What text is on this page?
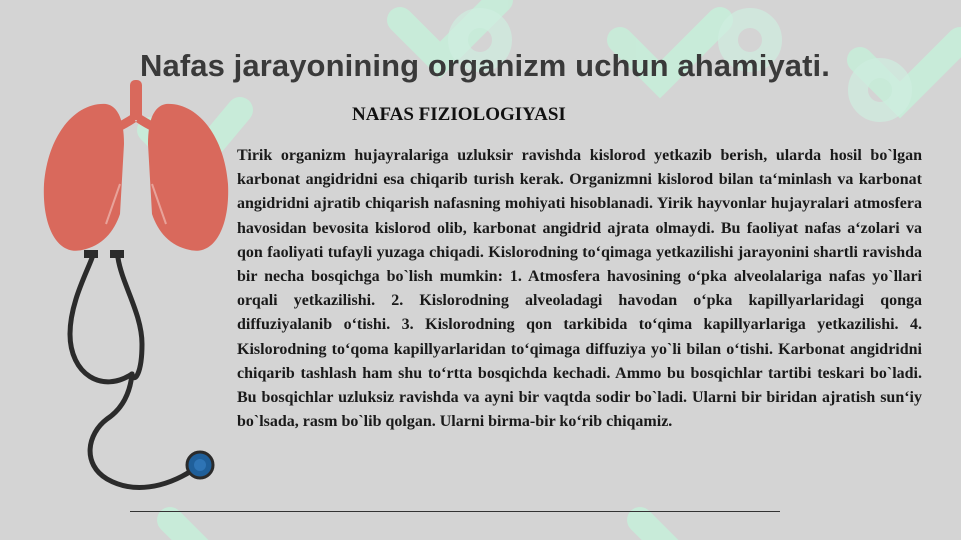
Nafas jarayonining organizm uchun ahamiyati.
NAFAS FIZIOLOGIYASI

Tirik organizm hujayralariga uzluksir ravishda kislorod yetkazib berish, ularda hosil bo`lgan karbonat angidridni esa chiqarib turish kerak. Organizmni kislorod bilan ta‘minlash va karbonat angidridni ajratib chiqarish nafasning mohiyati hisoblanadi. Yirik hayvonlar hujayralari atmosfera havosidan bevosita kislorod olib, karbonat angidrid ajrata olmaydi. Bu faoliyat nafas a‘zolari va qon faoliyati tufayli yuzaga chiqadi. Kislorodning to‘qimaga yetkazilishi jarayonini shartli ravishda bir necha bosqichga bo`lish mumkin: 1. Atmosfera havosining o‘pka alveolalariga nafas yo`llari orqali yetkazilishi. 2. Kislorodning alveoladagi havodan o‘pka kapillyarlaridagi qonga diffuziyalanib o‘tishi. 3. Kislorodning qon tarkibida to‘qima kapillyarlariga yetkazilishi. 4. Kislorodning to‘qoma kapillyarlaridan to‘qimaga diffuziya yo`li bilan o‘tishi. Karbonat angidridni chiqarib tashlash ham shu to‘rtta bosqichda kechadi. Ammo bu bosqichlar tartibi teskari bo`ladi. Bu bosqichlar uzluksiz ravishda va ayni bir vaqtda sodir bo`ladi. Ularni bir biridan ajratish sun‘iy bo`lsada, rasm bo`lib qolgan. Ularni birma-bir ko‘rib chiqamiz.
